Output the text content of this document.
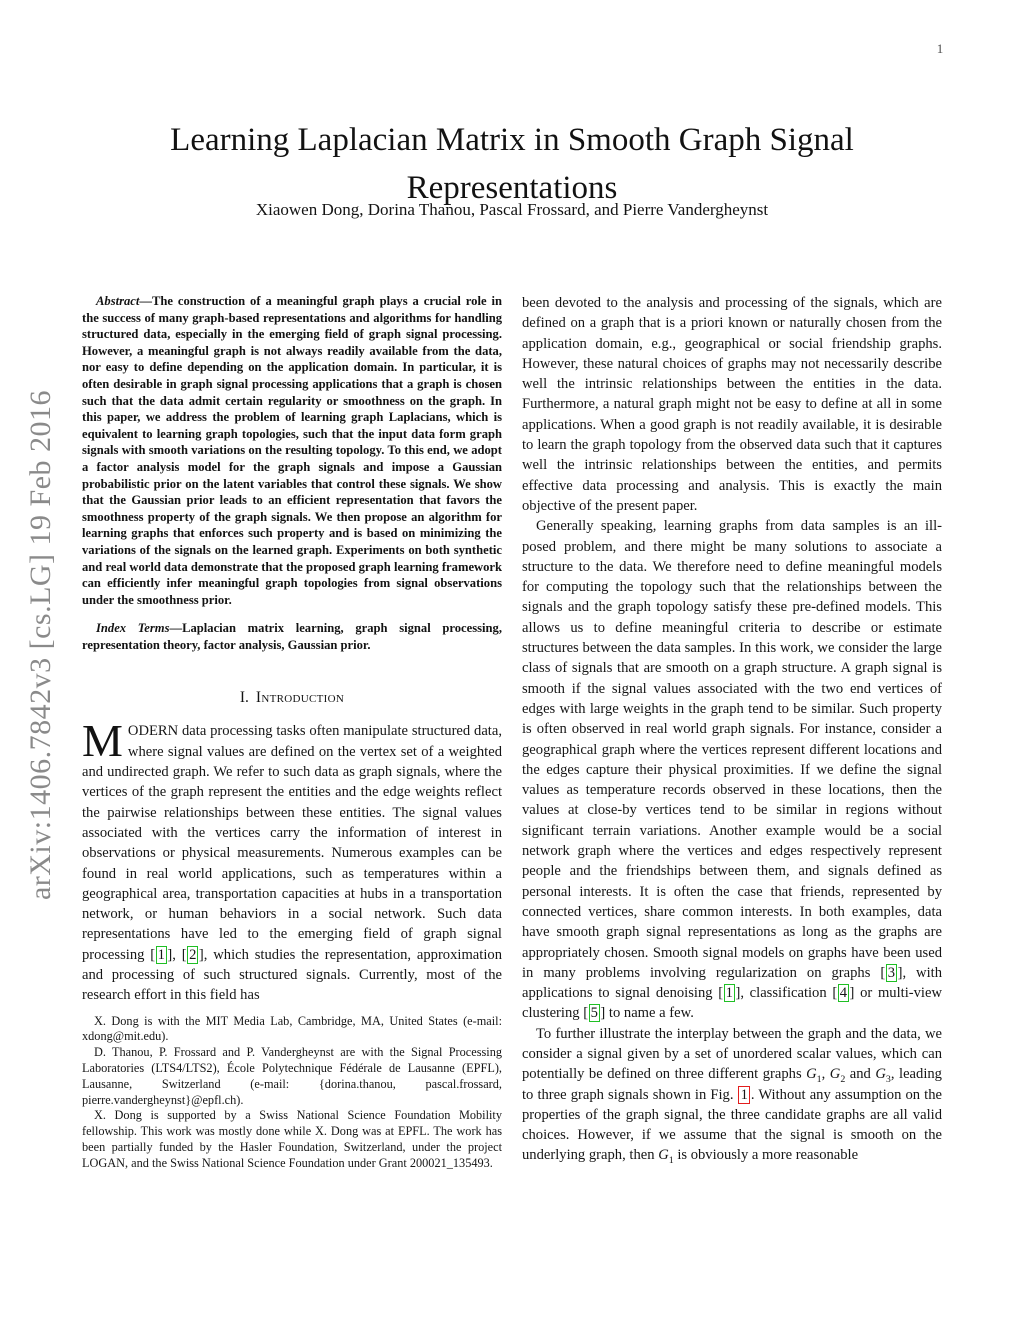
1
arXiv:1406.7842v3 [cs.LG] 19 Feb 2016
Learning Laplacian Matrix in Smooth Graph Signal Representations
Xiaowen Dong, Dorina Thanou, Pascal Frossard, and Pierre Vandergheynst

Abstract—The construction of a meaningful graph plays a crucial role in the success of many graph-based representations and algorithms for handling structured data, especially in the emerging field of graph signal processing. However, a meaningful graph is not always readily available from the data, nor easy to define depending on the application domain. In particular, it is often desirable in graph signal processing applications that a graph is chosen such that the data admit certain regularity or smoothness on the graph. In this paper, we address the problem of learning graph Laplacians, which is equivalent to learning graph topologies, such that the input data form graph signals with smooth variations on the resulting topology. To this end, we adopt a factor analysis model for the graph signals and impose a Gaussian probabilistic prior on the latent variables that control these signals. We show that the Gaussian prior leads to an efficient representation that favors the smoothness property of the graph signals. We then propose an algorithm for learning graphs that enforces such property and is based on minimizing the variations of the signals on the learned graph. Experiments on both synthetic and real world data demonstrate that the proposed graph learning framework can efficiently infer meaningful graph topologies from signal observations under the smoothness prior.

Index Terms—Laplacian matrix learning, graph signal processing, representation theory, factor analysis, Gaussian prior.

I. Introduction

MODERN data processing tasks often manipulate structured data, where signal values are defined on the vertex set of a weighted and undirected graph. We refer to such data as graph signals, where the vertices of the graph represent the entities and the edge weights reflect the pairwise relationships between these entities. The signal values associated with the vertices carry the information of interest in observations or physical measurements. Numerous examples can be found in real world applications, such as temperatures within a geographical area, transportation capacities at hubs in a transportation network, or human behaviors in a social network. Such data representations have led to the emerging field of graph signal processing [ 1 ], [ 2 ], which studies the representation, approximation and processing of such structured signals. Currently, most of the research effort in this field has

X. Dong is with the MIT Media Lab, Cambridge, MA, United States (e-mail: xdong@mit.edu).

D. Thanou, P. Frossard and P. Vandergheynst are with the Signal Processing Laboratories (LTS4/LTS2), École Polytechnique Fédérale de Lausanne (EPFL), Lausanne, Switzerland (e-mail: {dorina.thanou, pascal.frossard, pierre.vandergheynst}@epfl.ch).

X. Dong is supported by a Swiss National Science Foundation Mobility fellowship. This work was mostly done while X. Dong was at EPFL. The work has been partially funded by the Hasler Foundation, Switzerland, under the project LOGAN, and the Swiss National Science Foundation under Grant 200021_135493.

been devoted to the analysis and processing of the signals, which are defined on a graph that is a priori known or naturally chosen from the application domain, e.g., geographical or social friendship graphs. However, these natural choices of graphs may not necessarily describe well the intrinsic relationships between the entities in the data. Furthermore, a natural graph might not be easy to define at all in some applications. When a good graph is not readily available, it is desirable to learn the graph topology from the observed data such that it captures well the intrinsic relationships between the entities, and permits effective data processing and analysis. This is exactly the main objective of the present paper.

Generally speaking, learning graphs from data samples is an ill-posed problem, and there might be many solutions to associate a structure to the data. We therefore need to define meaningful models for computing the topology such that the relationships between the signals and the graph topology satisfy these pre-defined models. This allows us to define meaningful criteria to describe or estimate structures between the data samples. In this work, we consider the large class of signals that are smooth on a graph structure. A graph signal is smooth if the signal values associated with the two end vertices of edges with large weights in the graph tend to be similar. Such property is often observed in real world graph signals. For instance, consider a geographical graph where the vertices represent different locations and the edges capture their physical proximities. If we define the signal values as temperature records observed in these locations, then the values at close-by vertices tend to be similar in regions without significant terrain variations. Another example would be a social network graph where the vertices and edges respectively represent people and the friendships between them, and signals defined as personal interests. It is often the case that friends, represented by connected vertices, share common interests. In both examples, data have smooth graph signal representations as long as the graphs are appropriately chosen. Smooth signal models on graphs have been used in many problems involving regularization on graphs [ 3 ], with applications to signal denoising [ 1 ], classification [ 4 ] or multi-view clustering [ 5 ] to name a few.

To further illustrate the interplay between the graph and the data, we consider a signal given by a set of unordered scalar values, which can potentially be defined on three different graphs $G_1$, $G_2$ and $G_3$, leading to three graph signals shown in Fig. 1 . Without any assumption on the properties of the graph signal, the three candidate graphs are all valid choices. However, if we assume that the signal is smooth on the underlying graph, then $G_1$ is obviously a more reasonable
